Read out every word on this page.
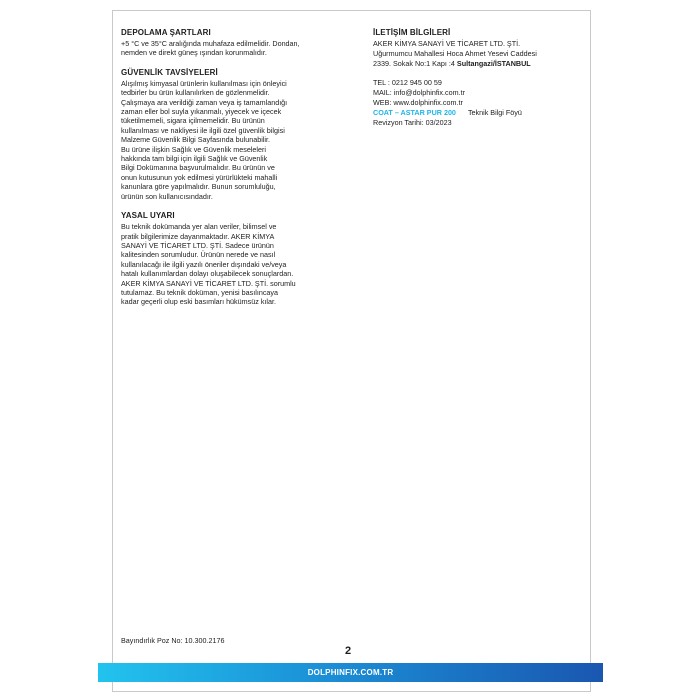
DEPOLAMA ŞARTLARI
+5 °C ve 35°C aralığında muhafaza edilmelidir. Dondan,
nemden ve direkt güneş ışından korunmalıdır.
GÜVENLİK TAVSİYELERİ
Alışılmış kimyasal ürünlerin kullanılması için önleyici
tedbirler bu ürün kullanılırken de gözlenmelidir.
Çalışmaya ara verildiği zaman veya iş tamamlandığı
zaman eller bol suyla yıkanmalı, yiyecek ve içecek
tüketilmemeli, sigara içilmemelidir. Bu ürünün
kullanılması ve nakliyesi ile ilgili özel güvenlik bilgisi
Malzeme Güvenlik Bilgi Sayfasında bulunabilir.
Bu ürüne ilişkin Sağlık ve Güvenlik meseleleri
hakkında tam bilgi için ilgili Sağlık ve Güvenlik
Bilgi Dokümanına başvurulmalıdır. Bu ürünün ve
onun kutusunun yok edilmesi yürürlükteki mahalli
kanunlara göre yapılmalıdır. Bunun sorumluluğu,
ürünün son kullanıcısındadır.
YASAL UYARI
Bu teknik dokümanda yer alan veriler, bilimsel ve
pratik bilgilerimize dayanmaktadır. AKER KİMYA
SANAYİ VE TİCARET LTD. ŞTİ. Sadece ürünün
kalitesinden sorumludur. Ürünün nerede ve nasıl
kullanılacağı ile ilgili yazılı öneriler dışındaki ve/veya
hatalı kullanımlardan dolayı oluşabilecek sonuçlardan.
AKER KİMYA SANAYİ VE TİCARET LTD. ŞTİ. sorumlu
tutulamaz. Bu teknik doküman, yenisi basılıncaya
kadar geçerli olup eski basımları hükümsüz kılar.
İLETİŞİM BİLGİLERİ
AKER KİMYA SANAYİ VE TİCARET LTD. ŞTİ.
Uğurmumcu Mahallesi Hoca Ahmet Yesevi Caddesi
2339. Sokak No:1 Kapı :4 Sultangazi/İSTANBUL
TEL : 0212 945 00 59
MAIL: info@dolphinfix.com.tr
WEB: www.dolphinfix.com.tr
COAT – ASTAR PUR 200 Teknik Bilgi Föyü
Revizyon Tarihi: 03/2023
Bayındırlık Poz No: 10.300.2176
2
DOLPHINFIX.COM.TR
